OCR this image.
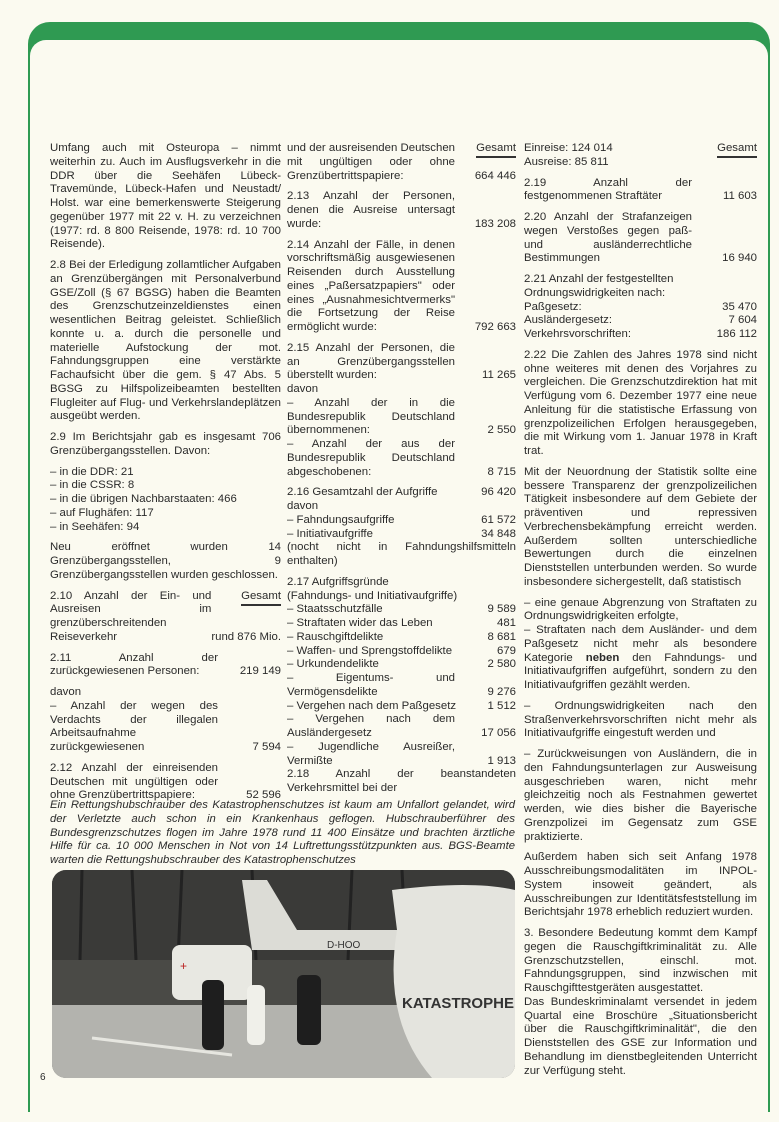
Umfang auch mit Osteuropa – nimmt weiterhin zu. Auch im Ausflugsverkehr in die DDR über die Seehäfen Lübeck-Travemünde, Lübeck-Hafen und Neustadt/ Holst. war eine bemerkenswerte Steigerung gegenüber 1977 mit 22 v. H. zu verzeichnen (1977: rd. 8 800 Reisende, 1978: rd. 10 700 Reisende).
2.8 Bei der Erledigung zollamtlicher Aufgaben an Grenzübergängen mit Personalverbund GSE/Zoll (§ 67 BGSG) haben die Beamten des Grenzschutzeinzeldienstes einen wesentlichen Beitrag geleistet. Schließlich konnte u. a. durch die personelle und materielle Aufstockung der mot. Fahndungsgruppen eine verstärkte Fachaufsicht über die gem. § 47 Abs. 5 BGSG zu Hilfspolizeibeamten bestellten Flugleiter auf Flug- und Verkehrslandeplätzen ausgeübt werden.
2.9 Im Berichtsjahr gab es insgesamt 706 Grenzübergangsstellen. Davon:
– in die DDR: 21
– in die CSSR: 8
– in die übrigen Nachbarstaaten: 466
– auf Flughäfen: 117
– in Seehäfen: 94
Neu eröffnet wurden 14 Grenzübergangsstellen, 9 Grenzübergangsstellen wurden geschlossen.
Gesamt
2.10 Anzahl der Ein- und Ausreisen im grenzüberschreitenden Reiseverkehr	rund 876 Mio.
2.11 Anzahl der zurückgewiesenen Personen:	219 149
davon
– Anzahl der wegen des Verdachts der illegalen Arbeitsaufnahme zurückgewiesenen	7 594
2.12 Anzahl der einreisenden Deutschen mit ungültigen oder ohne Grenzübertrittspapiere:	52 596
Gesamt
und der ausreisenden Deutschen mit ungültigen oder ohne Grenzübertrittspapiere:	664 446
2.13 Anzahl der Personen, denen die Ausreise untersagt wurde:	183 208
2.14 Anzahl der Fälle, in denen vorschriftsmäßig ausgewiesenen Reisenden durch Ausstellung eines „Paßersatzpapiers" oder eines „Ausnahmesichtvermerks" die Fortsetzung der Reise ermöglicht wurde:	792 663
2.15 Anzahl der Personen, die an Grenzübergangsstellen überstellt wurden:	11 265
davon
– Anzahl der in die Bundesrepublik Deutschland übernommenen:	2 550
– Anzahl der aus der Bundesrepublik Deutschland abgeschobenen:	8 715
2.16 Gesamtzahl der Aufgriffe	96 420
davon
– Fahndungsaufgriffe	61 572
– Initiativaufgriffe	34 848
(nocht nicht in Fahndungshilfsmitteln enthalten)
2.17 Aufgriffsgründe
(Fahndungs- und Initiativaufgriffe)
– Staatsschutzfälle	9 589
– Straftaten wider das Leben	481
– Rauschgiftdelikte	8 681
– Waffen- und Sprengstoffdelikte	679
– Urkundendelikte	2 580
– Eigentums- und Vermögensdelikte	9 276
– Vergehen nach dem Paßgesetz	1 512
– Vergehen nach dem Ausländergesetz	17 056
– Jugendliche Ausreißer, Vermißte	1 913
2.18 Anzahl der beanstandeten Verkehrsmittel bei der
Gesamt
Einreise: 124 014
Ausreise: 85 811
2.19 Anzahl der festgenommenen Straftäter	11 603
2.20 Anzahl der Strafanzeigen wegen Verstoßes gegen paß- und ausländerrechtliche Bestimmungen	16 940
2.21 Anzahl der festgestellten
Ordnungswidrigkeiten nach:
Paßgesetz:	35 470
Ausländergesetz:	7 604
Verkehrsvorschriften:	186 112
2.22 Die Zahlen des Jahres 1978 sind nicht ohne weiteres mit denen des Vorjahres zu vergleichen. Die Grenzschutzdirektion hat mit Verfügung vom 6. Dezember 1977 eine neue Anleitung für die statistische Erfassung von grenzpolizeilichen Erfolgen herausgegeben, die mit Wirkung vom 1. Januar 1978 in Kraft trat.
Mit der Neuordnung der Statistik sollte eine bessere Transparenz der grenzpolizeilichen Tätigkeit insbesondere auf dem Gebiete der präventiven und repressiven Verbrechensbekämpfung erreicht werden. Außerdem sollten unterschiedliche Bewertungen durch die einzelnen Dienststellen unterbunden werden. So wurde insbesondere sichergestellt, daß statistisch
– eine genaue Abgrenzung von Straftaten zu Ordnungswidrigkeiten erfolgte,
– Straftaten nach dem Ausländer- und dem Paßgesetz nicht mehr als besondere Kategorie neben den Fahndungs- und Initiativaufgriffen aufgeführt, sondern zu den Initiativaufgriffen gezählt werden.
– Ordnungswidrigkeiten nach den Straßenverkehrsvorschriften nicht mehr als Initiativaufgriffe eingestuft werden und
– Zurückweisungen von Ausländern, die in den Fahndungsunterlagen zur Ausweisung ausgeschrieben waren, nicht mehr gleichzeitig noch als Festnahmen gewertet werden, wie dies bisher die Bayerische Grenzpolizei im Gegensatz zum GSE praktizierte.
Außerdem haben sich seit Anfang 1978 Ausschreibungsmodalitäten im INPOL-System insoweit geändert, als Ausschreibungen zur Identitätsfeststellung im Berichtsjahr 1978 erheblich reduziert wurden.
3. Besondere Bedeutung kommt dem Kampf gegen die Rauschgiftkriminalität zu. Alle Grenzschutzstellen, einschl. mot. Fahndungsgruppen, sind inzwischen mit Rauschgifttestgeräten ausgestattet.
Das Bundeskriminalamt versendet in jedem Quartal eine Broschüre „Situationsbericht über die Rauschgiftkriminalität", die den Dienststellen des GSE zur Information und Behandlung im dienstbegleitenden Unterricht zur Verfügung steht.
Ein Rettungshubschrauber des Katastrophenschutzes ist kaum am Unfallort gelandet, wird der Verletzte auch schon in ein Krankenhaus geflogen. Hubschrauberführer des Bundesgrenzschutzes flogen im Jahre 1978 rund 11 400 Einsätze und brachten ärztliche Hilfe für ca. 10 000 Menschen in Not von 14 Luftrettungsstützpunkten aus. BGS-Beamte warten die Rettungshubschrauber des Katastrophenschutzes
KATASTROPHE
D-HOO
+
6
